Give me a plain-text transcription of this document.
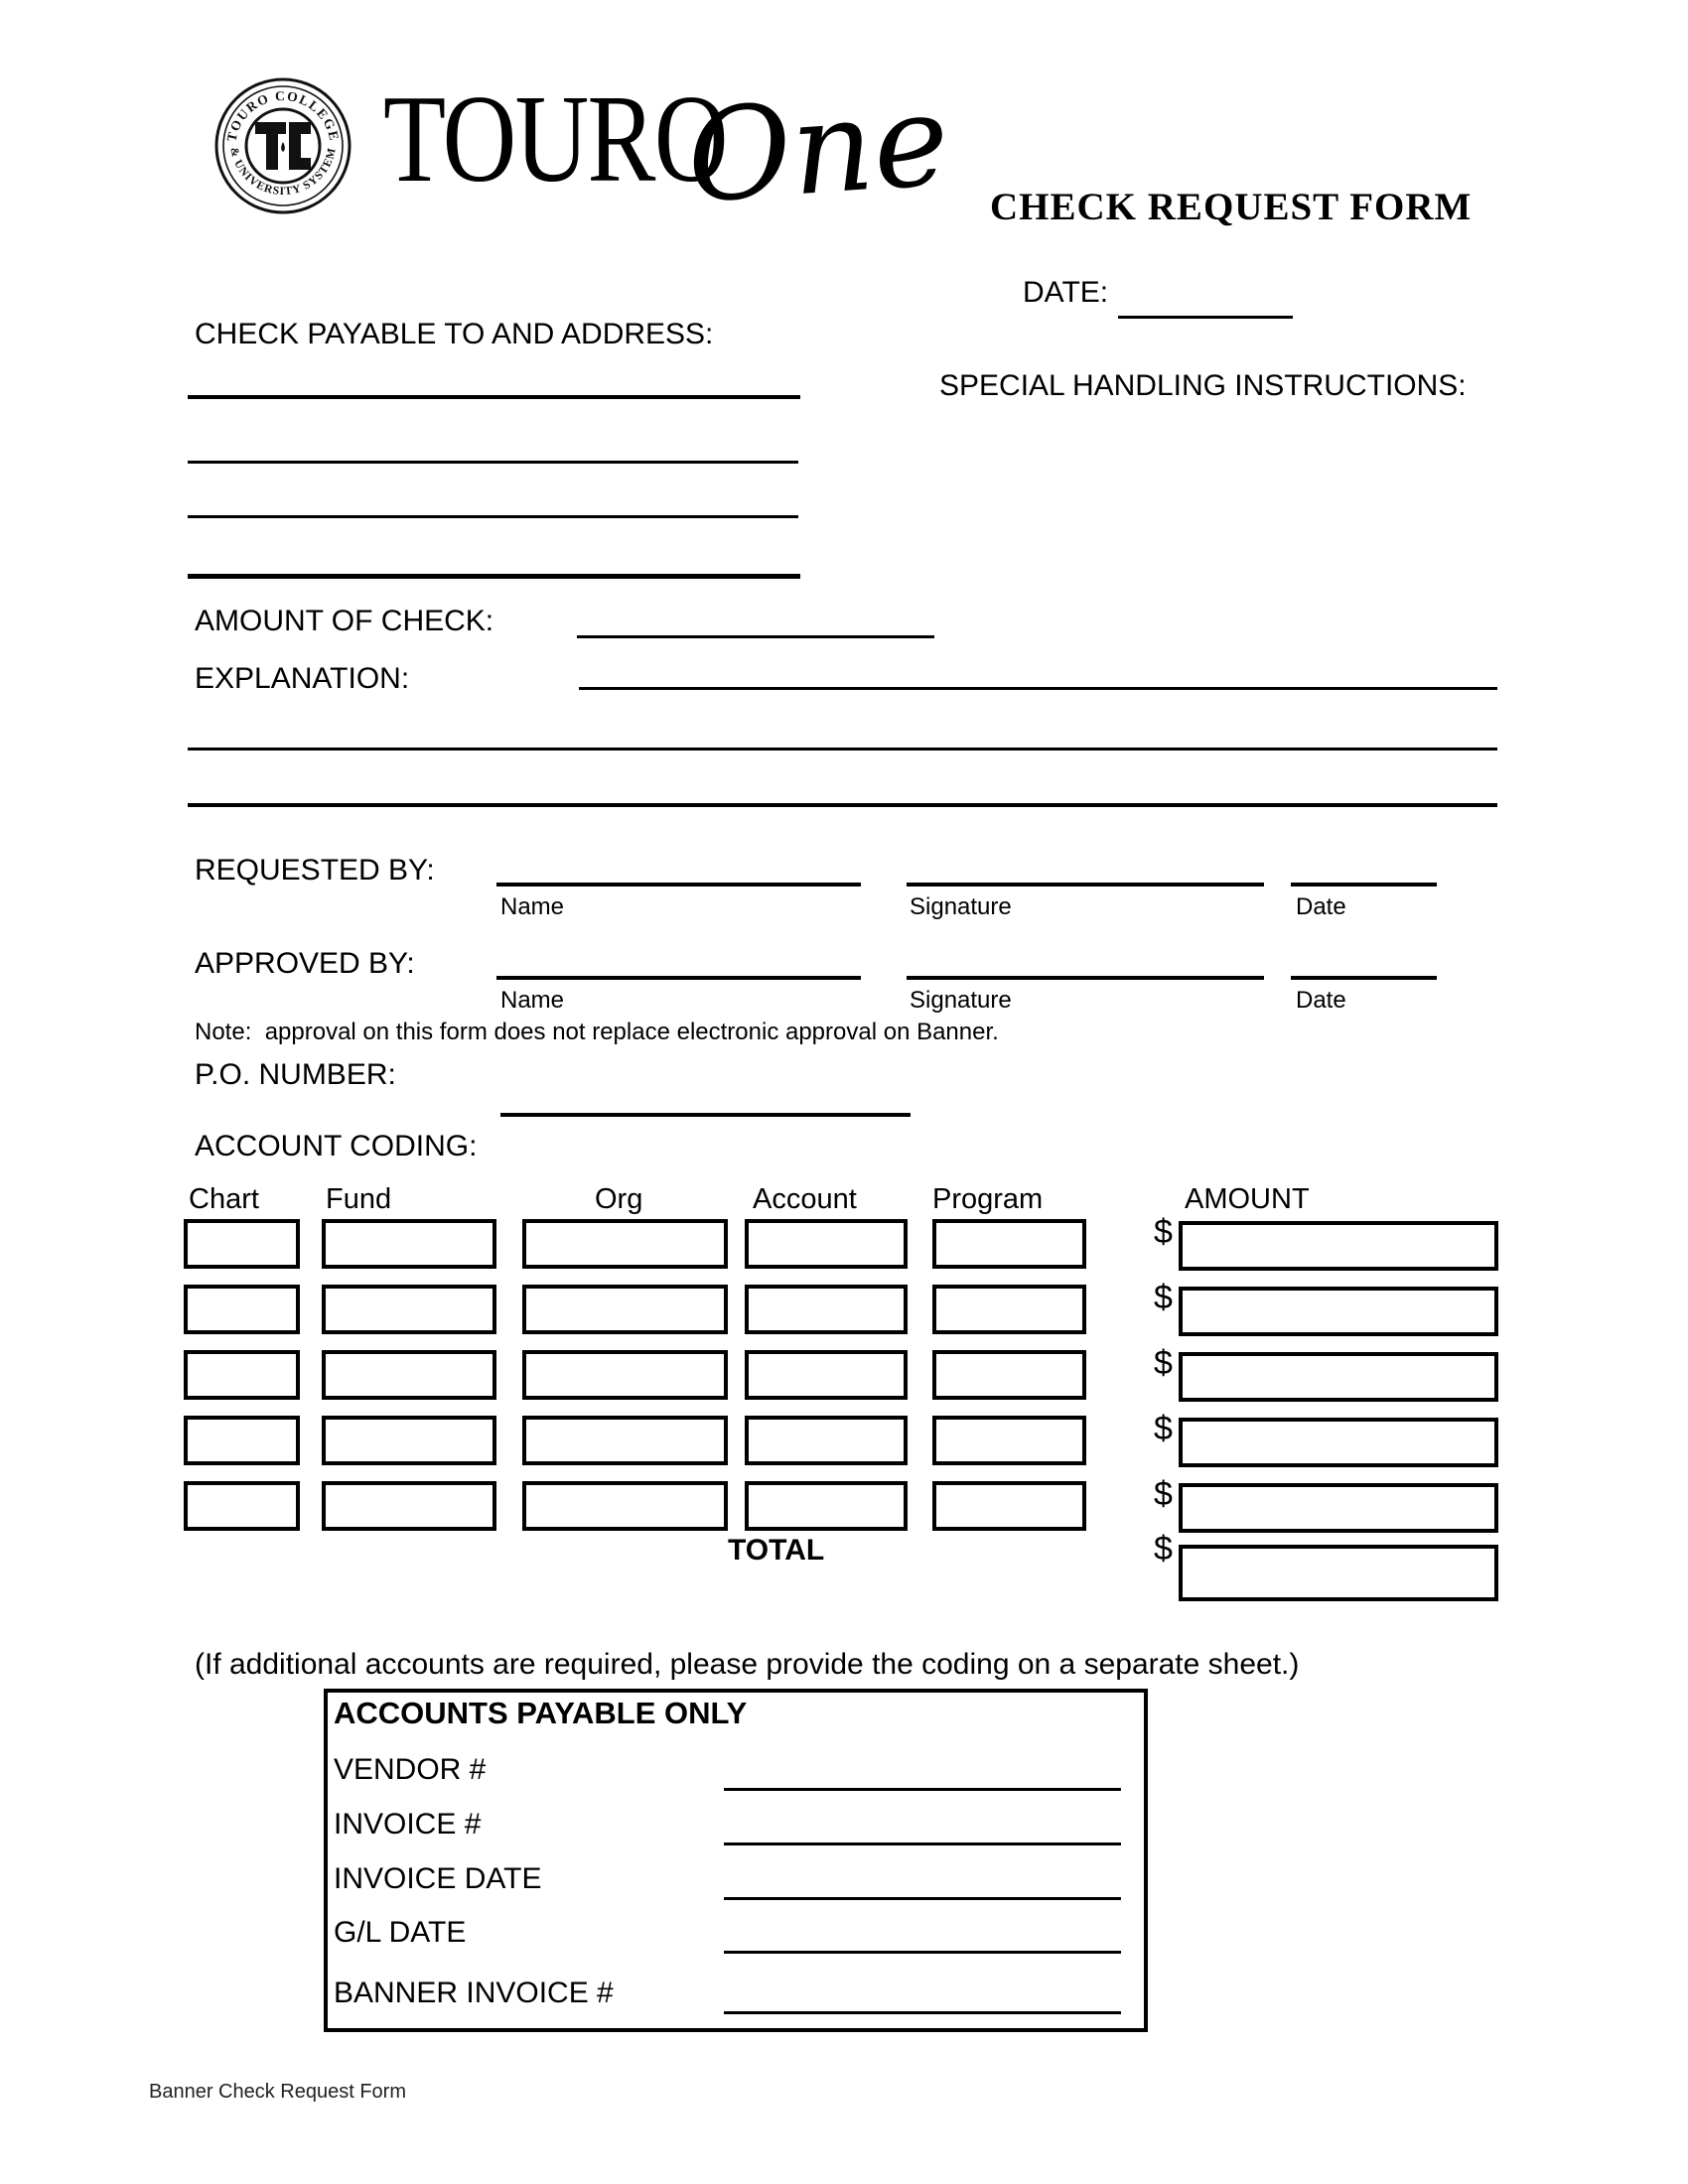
TOURO COLLEGE
& UNIVERSITY SYSTEM TOURO
One CHECK REQUEST FORM
DATE:
CHECK PAYABLE TO AND ADDRESS:
SPECIAL HANDLING INSTRUCTIONS:
AMOUNT OF CHECK:
EXPLANATION:
REQUESTED BY:
Name	Signature	Date
APPROVED BY:
Name	Signature	Date
Note:  approval on this form does not replace electronic approval on Banner.
P.O. NUMBER:
ACCOUNT CODING:
Chart Fund	Org	Account	Program	AMOUNT
$
$
$
$
$
TOTAL	$
(If additional accounts are required, please provide the coding on a separate sheet.)
ACCOUNTS PAYABLE ONLY
VENDOR #
INVOICE #
INVOICE DATE
G/L DATE
BANNER INVOICE #
Banner Check Request Form
